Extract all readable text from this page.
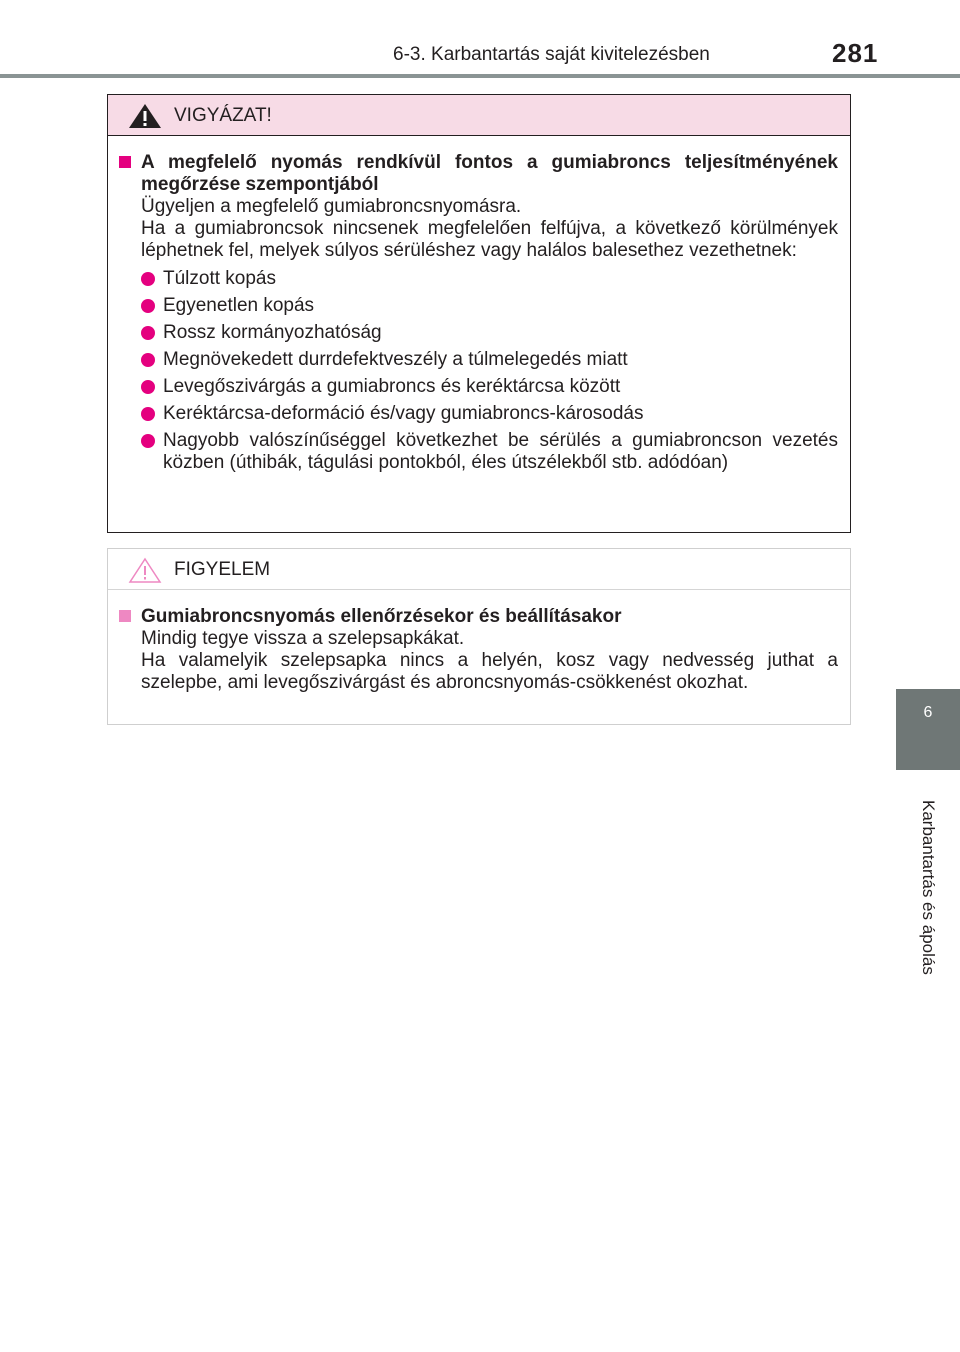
6-3. Karbantartás saját kivitelezésben	281
6
Karbantartás és ápolás
VIGYÁZAT!
A megfelelő nyomás rendkívül fontos a gumiabroncs teljesítményének megőrzése szempontjából
Ügyeljen a megfelelő gumiabroncsnyomásra.
Ha a gumiabroncsok nincsenek megfelelően felfújva, a következő körülmények léphetnek fel, melyek súlyos sérüléshez vagy halálos balesethez vezethetnek:
Túlzott kopás
Egyenetlen kopás
Rossz kormányozhatóság
Megnövekedett durrdefektveszély a túlmelegedés miatt
Levegőszivárgás a gumiabroncs és keréktárcsa között
Keréktárcsa-deformáció és/vagy gumiabroncs-károsodás
Nagyobb valószínűséggel következhet be sérülés a gumiabroncson vezetés közben (úthibák, tágulási pontokból, éles útszélekből stb. adódóan)
FIGYELEM
Gumiabroncsnyomás ellenőrzésekor és beállításakor
Mindig tegye vissza a szelepsapkákat.
Ha valamelyik szelepsapka nincs a helyén, kosz vagy nedvesség juthat a szelepbe, ami levegőszivárgást és abroncsnyomás-csökkenést okozhat.
